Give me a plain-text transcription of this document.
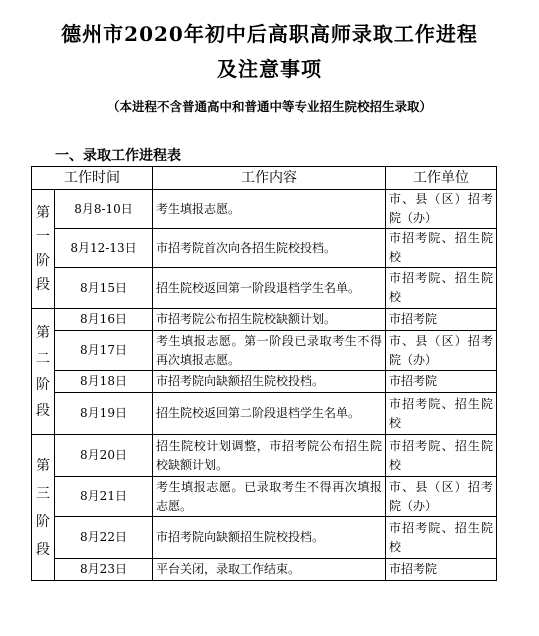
德州市2020年初中后高职高师录取工作进程
及注意事项
（本进程不含普通高中和普通中等专业招生院校招生录取）
一、录取工作进程表
工作时间		工作内容	工作单位
第一阶段	8月8-10日	考生填报志愿。	市、县（区）招考院（办）
	8月12-13日	市招考院首次向各招生院校投档。	市招考院、招生院校
	8月15日	招生院校返回第一阶段退档学生名单。	市招考院、招生院校
第二阶段	8月16日	市招考院公布招生院校缺额计划。	市招考院
	8月17日	考生填报志愿。第一阶段已录取考生不得再次填报志愿。	市、县（区）招考院（办）
	8月18日	市招考院向缺额招生院校投档。	市招考院
	8月19日	招生院校返回第二阶段退档学生名单。	市招考院、招生院校
第三阶段	8月20日	招生院校计划调整，市招考院公布招生院校缺额计划。	市招考院、招生院校
	8月21日	考生填报志愿。已录取考生不得再次填报志愿。	市、县（区）招考院（办）
	8月22日	市招考院向缺额招生院校投档。	市招考院、招生院校
	8月23日	平台关闭，录取工作结束。	市招考院
